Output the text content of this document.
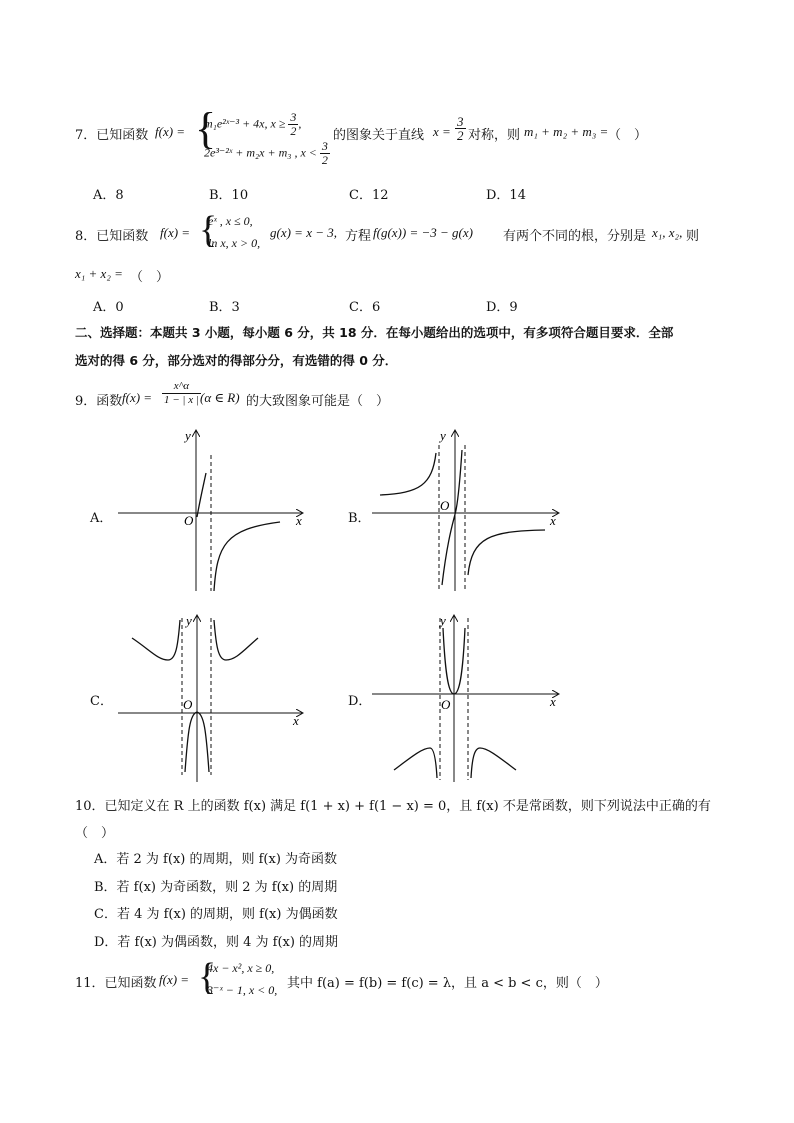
7．已知函数 f(x) = {
m₁e²ˣ⁻³ + 4x, $x \ge \frac{3}{2}$ ,
2e³⁻²ˣ + m₂x + m₃ , $x < \frac{3}{2}$
的图象关于直线 $x = \frac{3}{2}$ 对称，则 m₁ + m₂ + m₃ = （　）
A．8	B．10	C．12	D．14
8．已知函数 f(x) = {
eˣ , x ≤ 0,
ln x, x > 0,
g(x) = x − 3, 方程 f(g(x)) = −3 − g(x) 有两个不同的根，分别是 x₁, x₂, 则
x₁ + x₂ = （　）
A．0	B．3	C．6	D．9
二、选择题：本题共 3 小题，每小题 6 分，共 18 分．在每小题给出的选项中，有多项符合题目要求．全部
选对的得 6 分，部分选对的得部分分，有选错的得 0 分．
9．函数 $f(x) = \frac{x\^{}\alpha}{1 - | x |} (\alpha$ ∈ R) 的大致图象可能是（　）
A．
y
x
O	B．
y
x
O
C．
y
x
O	D．
y
x
O
10．已知定义在 R 上的函数 f(x) 满足 f(1 + x) + f(1 − x) = 0，且 f(x) 不是常函数，则下列说法中正确的有
（　）
A．若 2 为 f(x) 的周期，则 f(x) 为奇函数
B．若 f(x) 为奇函数，则 2 为 f(x) 的周期
C．若 4 为 f(x) 的周期，则 f(x) 为偶函数
D．若 f(x) 为偶函数，则 4 为 f(x) 的周期
11．已知函数 f(x) = {
4x − x², x ≥ 0,
3⁻ˣ − 1, x < 0, 其中 f(a) = f(b) = f(c) = λ，且 a < b < c，则（　）
